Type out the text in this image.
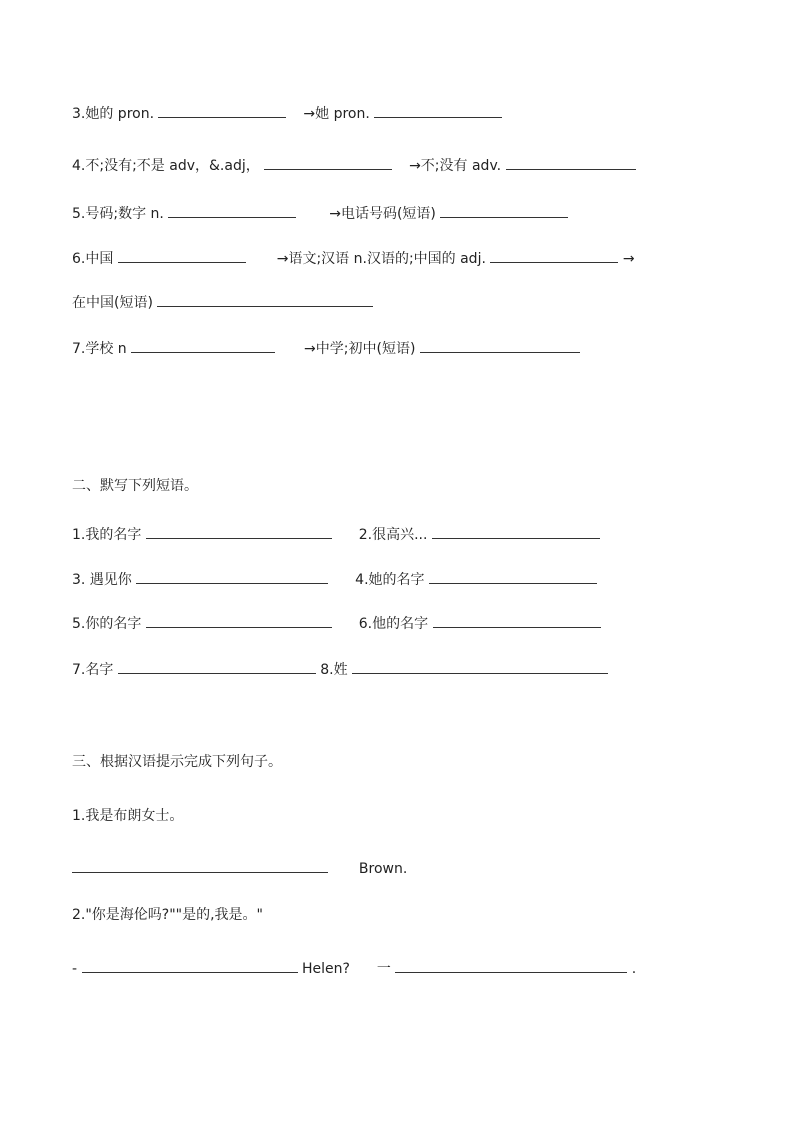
3.她的 pron.	→她 pron.
4.不;没有;不是 adv，&.adj，	→不;没有 adv.
5.号码;数字 n.	→电话号码(短语)
6.中国	→语文;汉语 n.汉语的;中国的 adj.	→
在中国(短语)
7.学校 n	→中学;初中(短语)
二、默写下列短语。
1.我的名字	2.很高兴...
3. 遇见你	4.她的名字
5.你的名字	6.他的名字
7.名字	8.姓
三、根据汉语提示完成下列句子。
1.我是布朗女士。
Brown.
2."你是海伦吗?""是的,我是。"
-	Helen? 一	.
